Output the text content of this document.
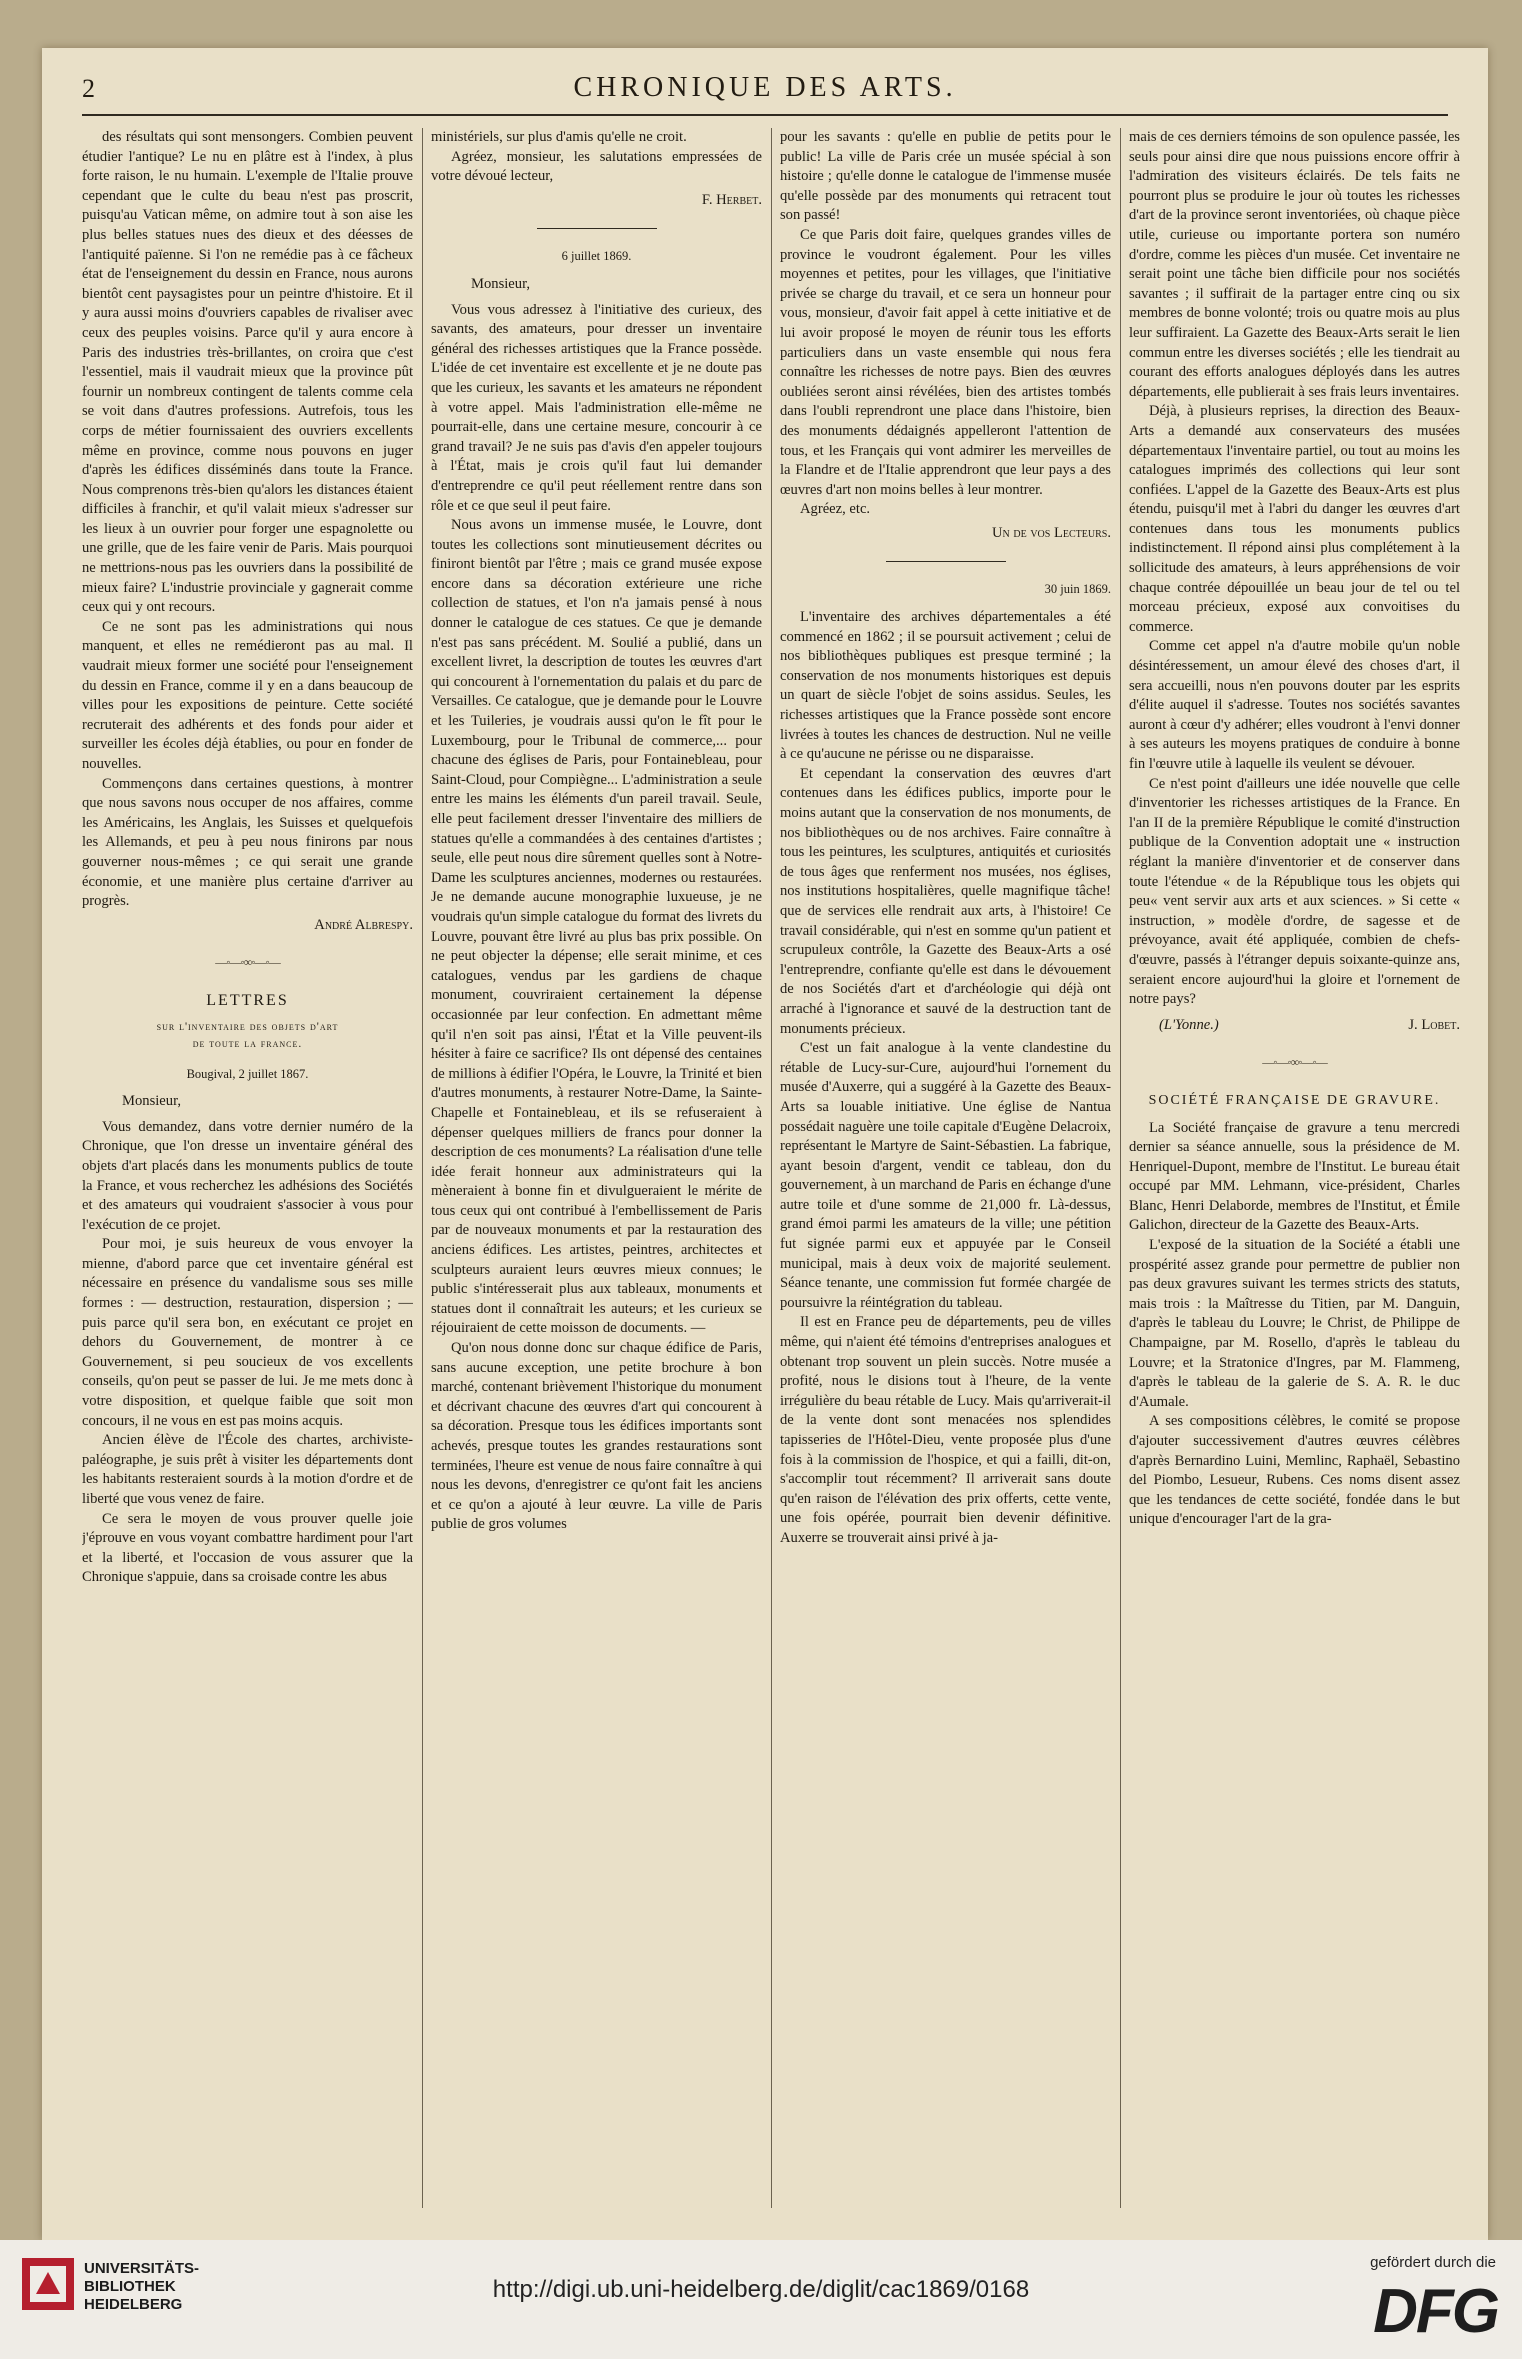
2	CHRONIQUE DES ARTS.

des résultats qui sont mensongers. Combien peuvent étudier l'antique? Le nu en plâtre est à l'index, à plus forte raison, le nu humain. L'exemple de l'Italie prouve cependant que le culte du beau n'est pas proscrit, puisqu'au Vatican même, on admire tout à son aise les plus belles statues nues des dieux et des déesses de l'antiquité païenne. Si l'on ne remédie pas à ce fâcheux état de l'enseignement du dessin en France, nous aurons bientôt cent paysagistes pour un peintre d'histoire. Et il y aura aussi moins d'ouvriers capables de rivaliser avec ceux des peuples voisins. Parce qu'il y aura encore à Paris des industries très-brillantes, on croira que c'est l'essentiel, mais il vaudrait mieux que la province pût fournir un nombreux contingent de talents comme cela se voit dans d'autres professions. Autrefois, tous les corps de métier fournissaient des ouvriers excellents même en province, comme nous pouvons en juger d'après les édifices disséminés dans toute la France. Nous comprenons très-bien qu'alors les distances étaient difficiles à franchir, et qu'il valait mieux s'adresser sur les lieux à un ouvrier pour forger une espagnolette ou une grille, que de les faire venir de Paris. Mais pourquoi ne mettrions-nous pas les ouvriers dans la possibilité de mieux faire? L'industrie provinciale y gagnerait comme ceux qui y ont recours.

Ce ne sont pas les administrations qui nous manquent, et elles ne remédieront pas au mal. Il vaudrait mieux former une société pour l'enseignement du dessin en France, comme il y en a dans beaucoup de villes pour les expositions de peinture. Cette société recruterait des adhérents et des fonds pour aider et surveiller les écoles déjà établies, ou pour en fonder de nouvelles.

Commençons dans certaines questions, à montrer que nous savons nous occuper de nos affaires, comme les Américains, les Anglais, les Suisses et quelquefois les Allemands, et peu à peu nous finirons par nous gouverner nous-mêmes ; ce qui serait une grande économie, et une manière plus certaine d'arriver au progrès.

André Albrespy.

—◦—◦∞◦—◦—

LETTRES

sur l'inventaire des objets d'art

de toute la france.

Bougival, 2 juillet 1867.

Monsieur,

Vous demandez, dans votre dernier numéro de la Chronique, que l'on dresse un inventaire général des objets d'art placés dans les monuments publics de toute la France, et vous recherchez les adhésions des Sociétés et des amateurs qui voudraient s'associer à vous pour l'exécution de ce projet.

Pour moi, je suis heureux de vous envoyer la mienne, d'abord parce que cet inventaire général est nécessaire en présence du vandalisme sous ses mille formes : — destruction, restauration, dispersion ; — puis parce qu'il sera bon, en exécutant ce projet en dehors du Gouvernement, de montrer à ce Gouvernement, si peu soucieux de vos excellents conseils, qu'on peut se passer de lui. Je me mets donc à votre disposition, et quelque faible que soit mon concours, il ne vous en est pas moins acquis.

Ancien élève de l'École des chartes, archiviste-paléographe, je suis prêt à visiter les départements dont les habitants resteraient sourds à la motion d'ordre et de liberté que vous venez de faire.

Ce sera le moyen de vous prouver quelle joie j'éprouve en vous voyant combattre hardiment pour l'art et la liberté, et l'occasion de vous assurer que la Chronique s'appuie, dans sa croisade contre les abus

ministériels, sur plus d'amis qu'elle ne croit.

Agréez, monsieur, les salutations empressées de votre dévoué lecteur,

F. Herbet.

6 juillet 1869.

Monsieur,

Vous vous adressez à l'initiative des curieux, des savants, des amateurs, pour dresser un inventaire général des richesses artistiques que la France possède. L'idée de cet inventaire est excellente et je ne doute pas que les curieux, les savants et les amateurs ne répondent à votre appel. Mais l'administration elle-même ne pourrait-elle, dans une certaine mesure, concourir à ce grand travail? Je ne suis pas d'avis d'en appeler toujours à l'État, mais je crois qu'il faut lui demander d'entreprendre ce qu'il peut réellement rentre dans son rôle et ce que seul il peut faire.

Nous avons un immense musée, le Louvre, dont toutes les collections sont minutieusement décrites ou finiront bientôt par l'être ; mais ce grand musée expose encore dans sa décoration extérieure une riche collection de statues, et l'on n'a jamais pensé à nous donner le catalogue de ces statues. Ce que je demande n'est pas sans précédent. M. Soulié a publié, dans un excellent livret, la description de toutes les œuvres d'art qui concourent à l'ornementation du palais et du parc de Versailles. Ce catalogue, que je demande pour le Louvre et les Tuileries, je voudrais aussi qu'on le fît pour le Luxembourg, pour le Tribunal de commerce,... pour chacune des églises de Paris, pour Fontainebleau, pour Saint-Cloud, pour Compiègne... L'administration a seule entre les mains les éléments d'un pareil travail. Seule, elle peut facilement dresser l'inventaire des milliers de statues qu'elle a commandées à des centaines d'artistes ; seule, elle peut nous dire sûrement quelles sont à Notre-Dame les sculptures anciennes, modernes ou restaurées. Je ne demande aucune monographie luxueuse, je ne voudrais qu'un simple catalogue du format des livrets du Louvre, pouvant être livré au plus bas prix possible. On ne peut objecter la dépense; elle serait minime, et ces catalogues, vendus par les gardiens de chaque monument, couvriraient certainement la dépense occasionnée par leur confection. En admettant même qu'il n'en soit pas ainsi, l'État et la Ville peuvent-ils hésiter à faire ce sacrifice? Ils ont dépensé des centaines de millions à édifier l'Opéra, le Louvre, la Trinité et bien d'autres monuments, à restaurer Notre-Dame, la Sainte-Chapelle et Fontainebleau, et ils se refuseraient à dépenser quelques milliers de francs pour donner la description de ces monuments? La réalisation d'une telle idée ferait honneur aux administrateurs qui la mèneraient à bonne fin et divulgueraient le mérite de tous ceux qui ont contribué à l'embellissement de Paris par de nouveaux monuments et par la restauration des anciens édifices. Les artistes, peintres, architectes et sculpteurs auraient leurs œuvres mieux connues; le public s'intéresserait plus aux tableaux, monuments et statues dont il connaîtrait les auteurs; et les curieux se réjouiraient de cette moisson de documents. —

Qu'on nous donne donc sur chaque édifice de Paris, sans aucune exception, une petite brochure à bon marché, contenant brièvement l'historique du monument et décrivant chacune des œuvres d'art qui concourent à sa décoration. Presque tous les édifices importants sont achevés, presque toutes les grandes restaurations sont terminées, l'heure est venue de nous faire connaître à qui nous les devons, d'enregistrer ce qu'ont fait les anciens et ce qu'on a ajouté à leur œuvre. La ville de Paris publie de gros volumes

pour les savants : qu'elle en publie de petits pour le public! La ville de Paris crée un musée spécial à son histoire ; qu'elle donne le catalogue de l'immense musée qu'elle possède par des monuments qui retracent tout son passé!

Ce que Paris doit faire, quelques grandes villes de province le voudront également. Pour les villes moyennes et petites, pour les villages, que l'initiative privée se charge du travail, et ce sera un honneur pour vous, monsieur, d'avoir fait appel à cette initiative et de lui avoir proposé le moyen de réunir tous les efforts particuliers dans un vaste ensemble qui nous fera connaître les richesses de notre pays. Bien des œuvres oubliées seront ainsi révélées, bien des artistes tombés dans l'oubli reprendront une place dans l'histoire, bien des monuments dédaignés appelleront l'attention de tous, et les Français qui vont admirer les merveilles de la Flandre et de l'Italie apprendront que leur pays a des œuvres d'art non moins belles à leur montrer.

Agréez, etc.

Un de vos Lecteurs.

30 juin 1869.

L'inventaire des archives départementales a été commencé en 1862 ; il se poursuit activement ; celui de nos bibliothèques publiques est presque terminé ; la conservation de nos monuments historiques est depuis un quart de siècle l'objet de soins assidus. Seules, les richesses artistiques que la France possède sont encore livrées à toutes les chances de destruction. Nul ne veille à ce qu'aucune ne périsse ou ne disparaisse.

Et cependant la conservation des œuvres d'art contenues dans les édifices publics, importe pour le moins autant que la conservation de nos monuments, de nos bibliothèques ou de nos archives. Faire connaître à tous les peintures, les sculptures, antiquités et curiosités de tous âges que renferment nos musées, nos églises, nos institutions hospitalières, quelle magnifique tâche! que de services elle rendrait aux arts, à l'histoire! Ce travail considérable, qui n'est en somme qu'un patient et scrupuleux contrôle, la Gazette des Beaux-Arts a osé l'entreprendre, confiante qu'elle est dans le dévouement de nos Sociétés d'art et d'archéologie qui déjà ont arraché à l'ignorance et sauvé de la destruction tant de monuments précieux.

C'est un fait analogue à la vente clandestine du rétable de Lucy-sur-Cure, aujourd'hui l'ornement du musée d'Auxerre, qui a suggéré à la Gazette des Beaux-Arts sa louable initiative. Une église de Nantua possédait naguère une toile capitale d'Eugène Delacroix, représentant le Martyre de Saint-Sébastien. La fabrique, ayant besoin d'argent, vendit ce tableau, don du gouvernement, à un marchand de Paris en échange d'une autre toile et d'une somme de 21,000 fr. Là-dessus, grand émoi parmi les amateurs de la ville; une pétition fut signée parmi eux et appuyée par le Conseil municipal, mais à deux voix de majorité seulement. Séance tenante, une commission fut formée chargée de poursuivre la réintégration du tableau.

Il est en France peu de départements, peu de villes même, qui n'aient été témoins d'entreprises analogues et obtenant trop souvent un plein succès. Notre musée a profité, nous le disions tout à l'heure, de la vente irrégulière du beau rétable de Lucy. Mais qu'arriverait-il de la vente dont sont menacées nos splendides tapisseries de l'Hôtel-Dieu, vente proposée plus d'une fois à la commission de l'hospice, et qui a failli, dit-on, s'accomplir tout récemment? Il arriverait sans doute qu'en raison de l'élévation des prix offerts, cette vente, une fois opérée, pourrait bien devenir définitive. Auxerre se trouverait ainsi privé à ja-

mais de ces derniers témoins de son opulence passée, les seuls pour ainsi dire que nous puissions encore offrir à l'admiration des visiteurs éclairés. De tels faits ne pourront plus se produire le jour où toutes les richesses d'art de la province seront inventoriées, où chaque pièce utile, curieuse ou importante portera son numéro d'ordre, comme les pièces d'un musée. Cet inventaire ne serait point une tâche bien difficile pour nos sociétés savantes ; il suffirait de la partager entre cinq ou six membres de bonne volonté; trois ou quatre mois au plus leur suffiraient. La Gazette des Beaux-Arts serait le lien commun entre les diverses sociétés ; elle les tiendrait au courant des efforts analogues déployés dans les autres départements, elle publierait à ses frais leurs inventaires.

Déjà, à plusieurs reprises, la direction des Beaux-Arts a demandé aux conservateurs des musées départementaux l'inventaire partiel, ou tout au moins les catalogues imprimés des collections qui leur sont confiées. L'appel de la Gazette des Beaux-Arts est plus étendu, puisqu'il met à l'abri du danger les œuvres d'art contenues dans tous les monuments publics indistinctement. Il répond ainsi plus complétement à la sollicitude des amateurs, à leurs appréhensions de voir chaque contrée dépouillée un beau jour de tel ou tel morceau précieux, exposé aux convoitises du commerce.

Comme cet appel n'a d'autre mobile qu'un noble désintéressement, un amour élevé des choses d'art, il sera accueilli, nous n'en pouvons douter par les esprits d'élite auquel il s'adresse. Toutes nos sociétés savantes auront à cœur d'y adhérer; elles voudront à l'envi donner à ses auteurs les moyens pratiques de conduire à bonne fin l'œuvre utile à laquelle ils veulent se dévouer.

Ce n'est point d'ailleurs une idée nouvelle que celle d'inventorier les richesses artistiques de la France. En l'an II de la première République le comité d'instruction publique de la Convention adoptait une « instruction réglant la manière d'inventorier et de conserver dans toute l'étendue « de la République tous les objets qui peu« vent servir aux arts et aux sciences. » Si cette « instruction, » modèle d'ordre, de sagesse et de prévoyance, avait été appliquée, combien de chefs-d'œuvre, passés à l'étranger depuis soixante-quinze ans, seraient encore aujourd'hui la gloire et l'ornement de notre pays?

(L'Yonne.)	J. Lobet.
—◦—◦∞◦—◦—

SOCIÉTÉ FRANÇAISE DE GRAVURE.

La Société française de gravure a tenu mercredi dernier sa séance annuelle, sous la présidence de M. Henriquel-Dupont, membre de l'Institut. Le bureau était occupé par MM. Lehmann, vice-président, Charles Blanc, Henri Delaborde, membres de l'Institut, et Émile Galichon, directeur de la Gazette des Beaux-Arts.

L'exposé de la situation de la Société a établi une prospérité assez grande pour permettre de publier non pas deux gravures suivant les termes stricts des statuts, mais trois : la Maîtresse du Titien, par M. Danguin, d'après le tableau du Louvre; le Christ, de Philippe de Champaigne, par M. Rosello, d'après le tableau du Louvre; et la Stratonice d'Ingres, par M. Flammeng, d'après le tableau de la galerie de S. A. R. le duc d'Aumale.

A ses compositions célèbres, le comité se propose d'ajouter successivement d'autres œuvres célèbres d'après Bernardino Luini, Memlinc, Raphaël, Sebastino del Piombo, Lesueur, Rubens. Ces noms disent assez que les tendances de cette société, fondée dans le but unique d'encourager l'art de la gra-

UNIVERSITÄTS-
BIBLIOTHEK
HEIDELBERG
http://digi.ub.uni-heidelberg.de/diglit/cac1869/0168
gefördert durch die
DFG
